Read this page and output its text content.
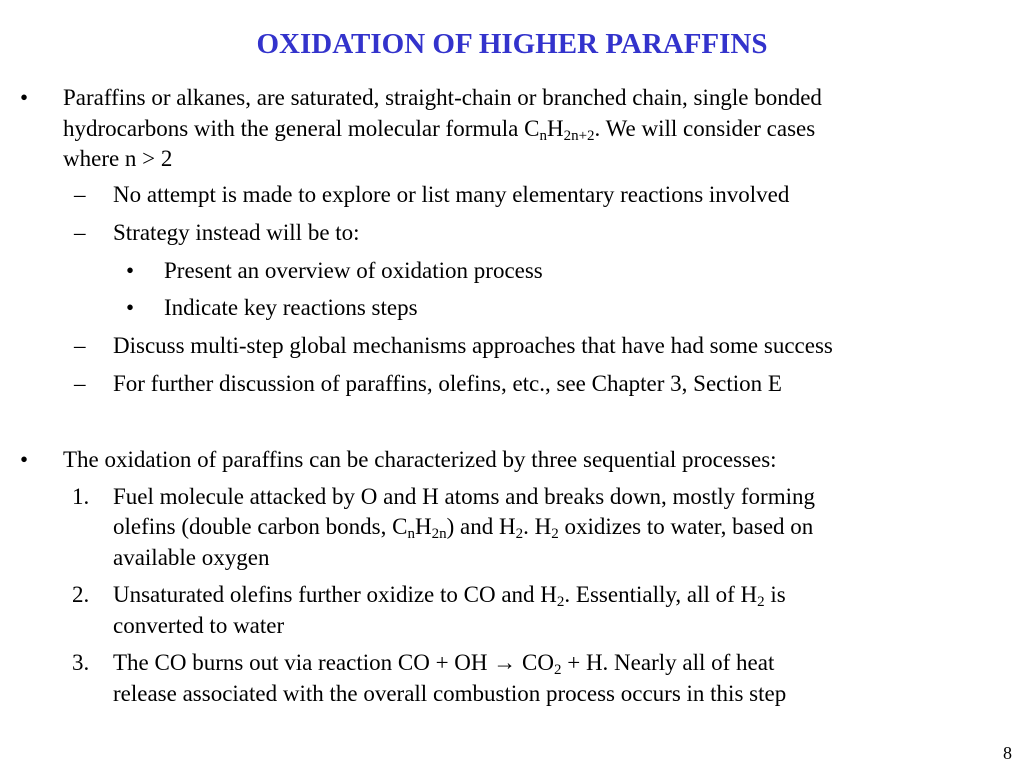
OXIDATION OF HIGHER PARAFFINS
• Paraffins or alkanes, are saturated, straight-chain or branched chain, single bonded
hydrocarbons with the general molecular formula $C_nH_{2n+2}$. We will consider cases
where n > 2
– No attempt is made to explore or list many elementary reactions involved
– Strategy instead will be to:
• Present an overview of oxidation process
• Indicate key reactions steps
– Discuss multi-step global mechanisms approaches that have had some success
– For further discussion of paraffins, olefins, etc., see Chapter 3, Section E
• The oxidation of paraffins can be characterized by three sequential processes:
1. Fuel molecule attacked by O and H atoms and breaks down, mostly forming
olefins (double carbon bonds, $C_nH_{2n}$) and $H_2$. $H_2$ oxidizes to water, based on
available oxygen
2. Unsaturated olefins further oxidize to CO and $H_2$. Essentially, all of $H_2$ is
converted to water
3. The CO burns out via reaction CO + OH → $CO_2 + H$. Nearly all of heat
release associated with the overall combustion process occurs in this step
8
